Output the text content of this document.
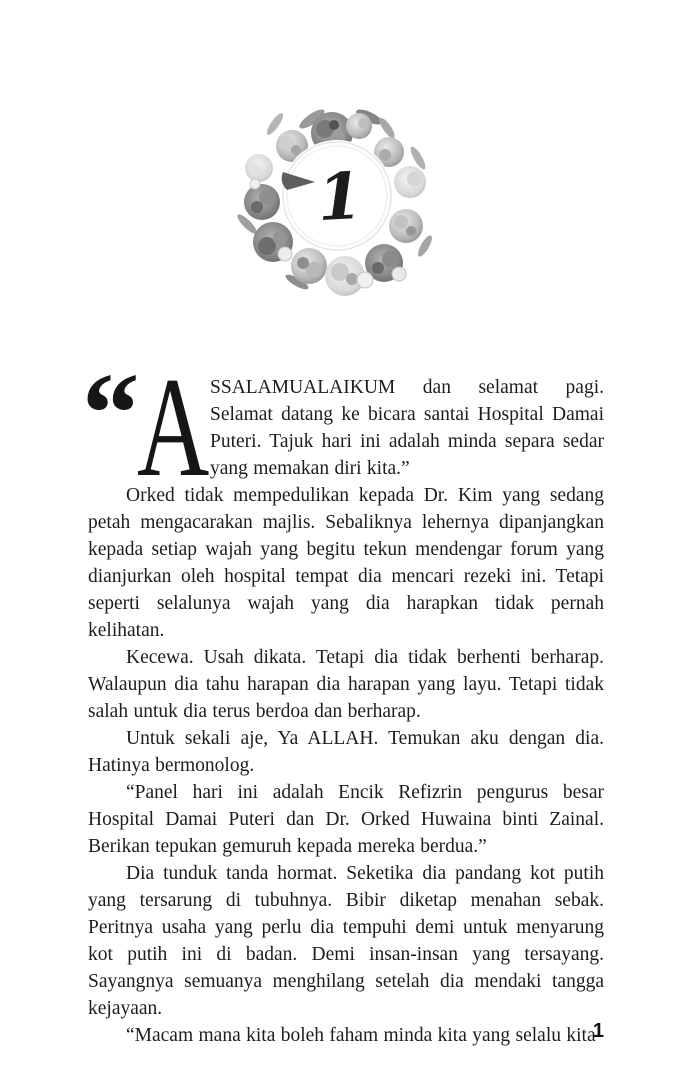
1

“ A SSALAMUALAIKUM dan selamat pagi. Selamat datang ke bicara santai Hospital Damai Puteri. Tajuk hari ini adalah minda separa sedar yang memakan diri kita.”

Orked tidak mempedulikan kepada Dr. Kim yang sedang petah mengacarakan majlis. Sebaliknya lehernya dipanjangkan kepada setiap wajah yang begitu tekun mendengar forum yang dianjurkan oleh hospital tempat dia mencari rezeki ini. Tetapi seperti selalunya wajah yang dia harapkan tidak pernah kelihatan.

Kecewa. Usah dikata. Tetapi dia tidak berhenti berharap. Walaupun dia tahu harapan dia harapan yang layu. Tetapi tidak salah untuk dia terus berdoa dan berharap.

Untuk sekali aje, Ya ALLAH. Temukan aku dengan dia. Hatinya bermonolog.

“Panel hari ini adalah Encik Refizrin pengurus besar Hospital Damai Puteri dan Dr. Orked Huwaina binti Zainal. Berikan tepukan gemuruh kepada mereka berdua.”

Dia tunduk tanda hormat. Seketika dia pandang kot putih yang tersarung di tubuhnya. Bibir diketap menahan sebak. Peritnya usaha yang perlu dia tempuhi demi untuk menyarung kot putih ini di badan. Demi insan-insan yang tersayang. Sayangnya semuanya menghilang setelah dia mendaki tangga kejayaan.

“Macam mana kita boleh faham minda kita yang selalu kita

1
